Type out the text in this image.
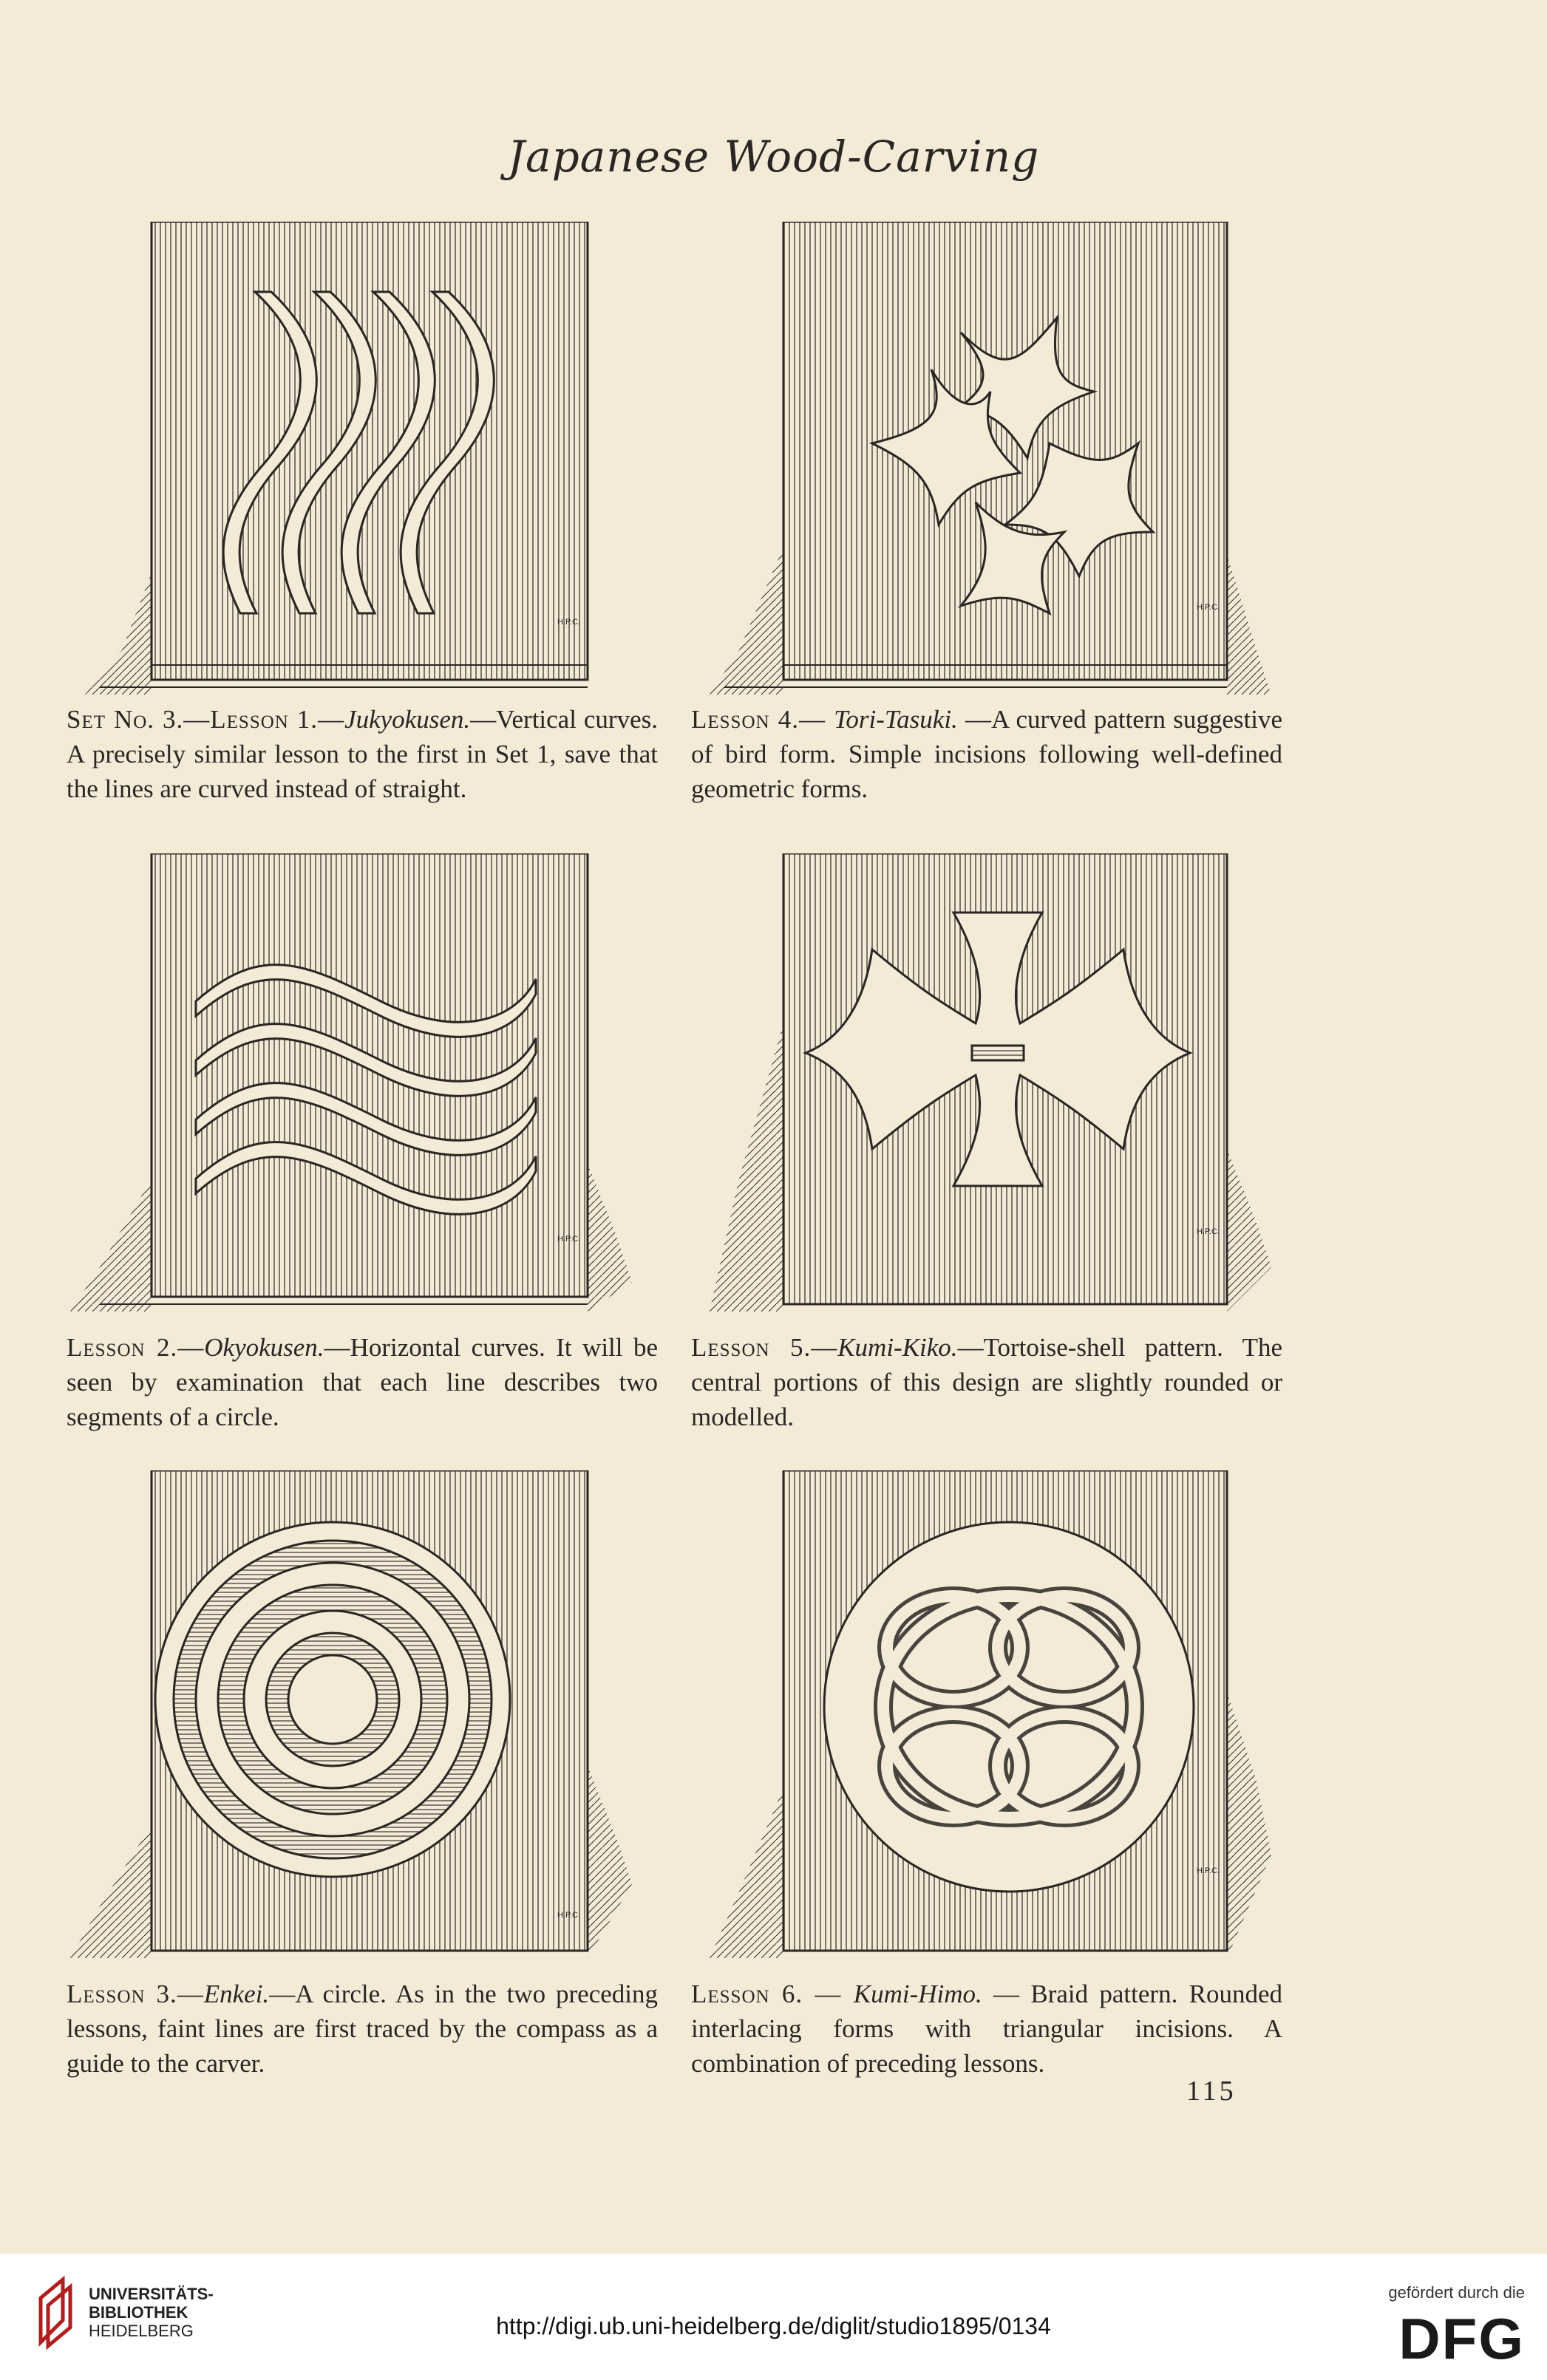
Japanese Wood-Carving
H.P.C.
H.P.C.
Set No. 3.—Lesson 1.—Jukyokusen.—Vertical curves. A precisely similar lesson to the first in Set 1, save that the lines are curved instead of straight.
Lesson 4.— Tori-Tasuki. —A curved pattern suggestive of bird form. Simple incisions following well-defined geometric forms.
H.P.C.
H.P.C.
Lesson 2.—Okyokusen.—Horizontal curves. It will be seen by examination that each line describes two segments of a circle.
Lesson 5.—Kumi-Kiko.—Tortoise-shell pattern. The central portions of this design are slightly rounded or modelled.
H.P.C.
H.P.C.
Lesson 3.—Enkei.—A circle. As in the two preceding lessons, faint lines are first traced by the compass as a guide to the carver.
Lesson 6. — Kumi-Himo. — Braid pattern. Rounded interlacing forms with triangular incisions. A combination of preceding lessons.
115
UNIVERSITÄTS-
BIBLIOTHEK
HEIDELBERG	http://digi.ub.uni-heidelberg.de/diglit/studio1895/0134
gefördert durch die
DFG
